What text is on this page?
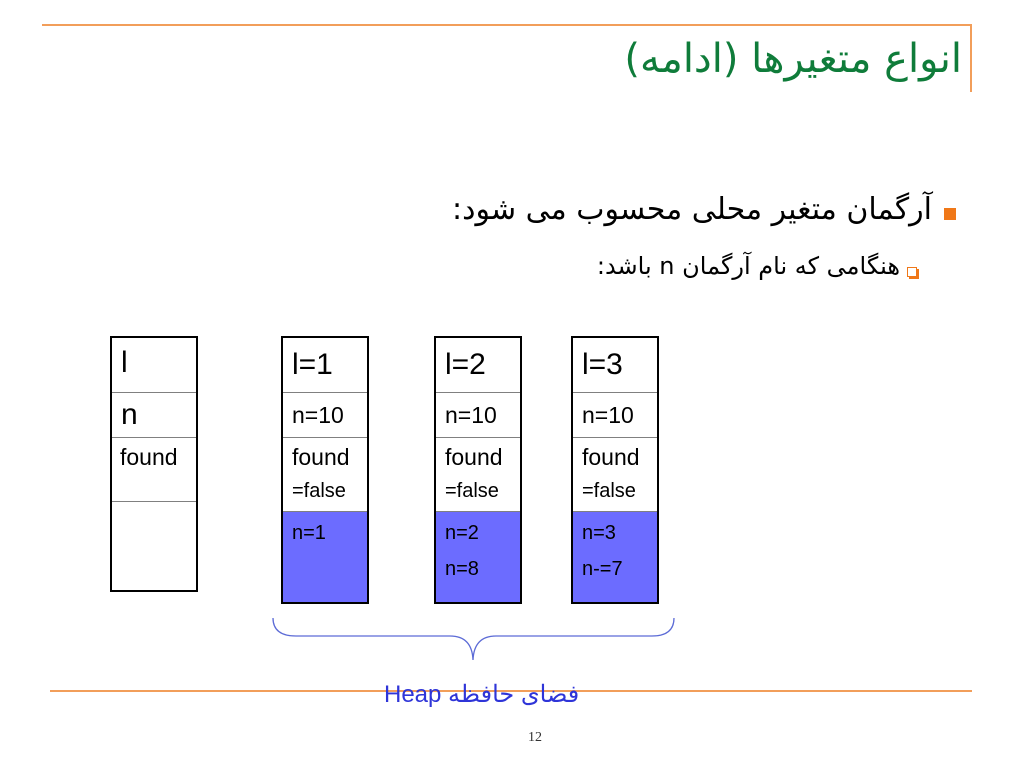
انواع متغیرها (ادامه)
آرگمان متغیر محلی محسوب می شود:
هنگامی که نام آرگمان n باشد:
l
n
found
l=1
n=10
found
=false
n=1
l=2
n=10
found
=false
n=2
n=8
l=3
n=10
found
=false
n=3
n-=7
فضای حافظه Heap
12
